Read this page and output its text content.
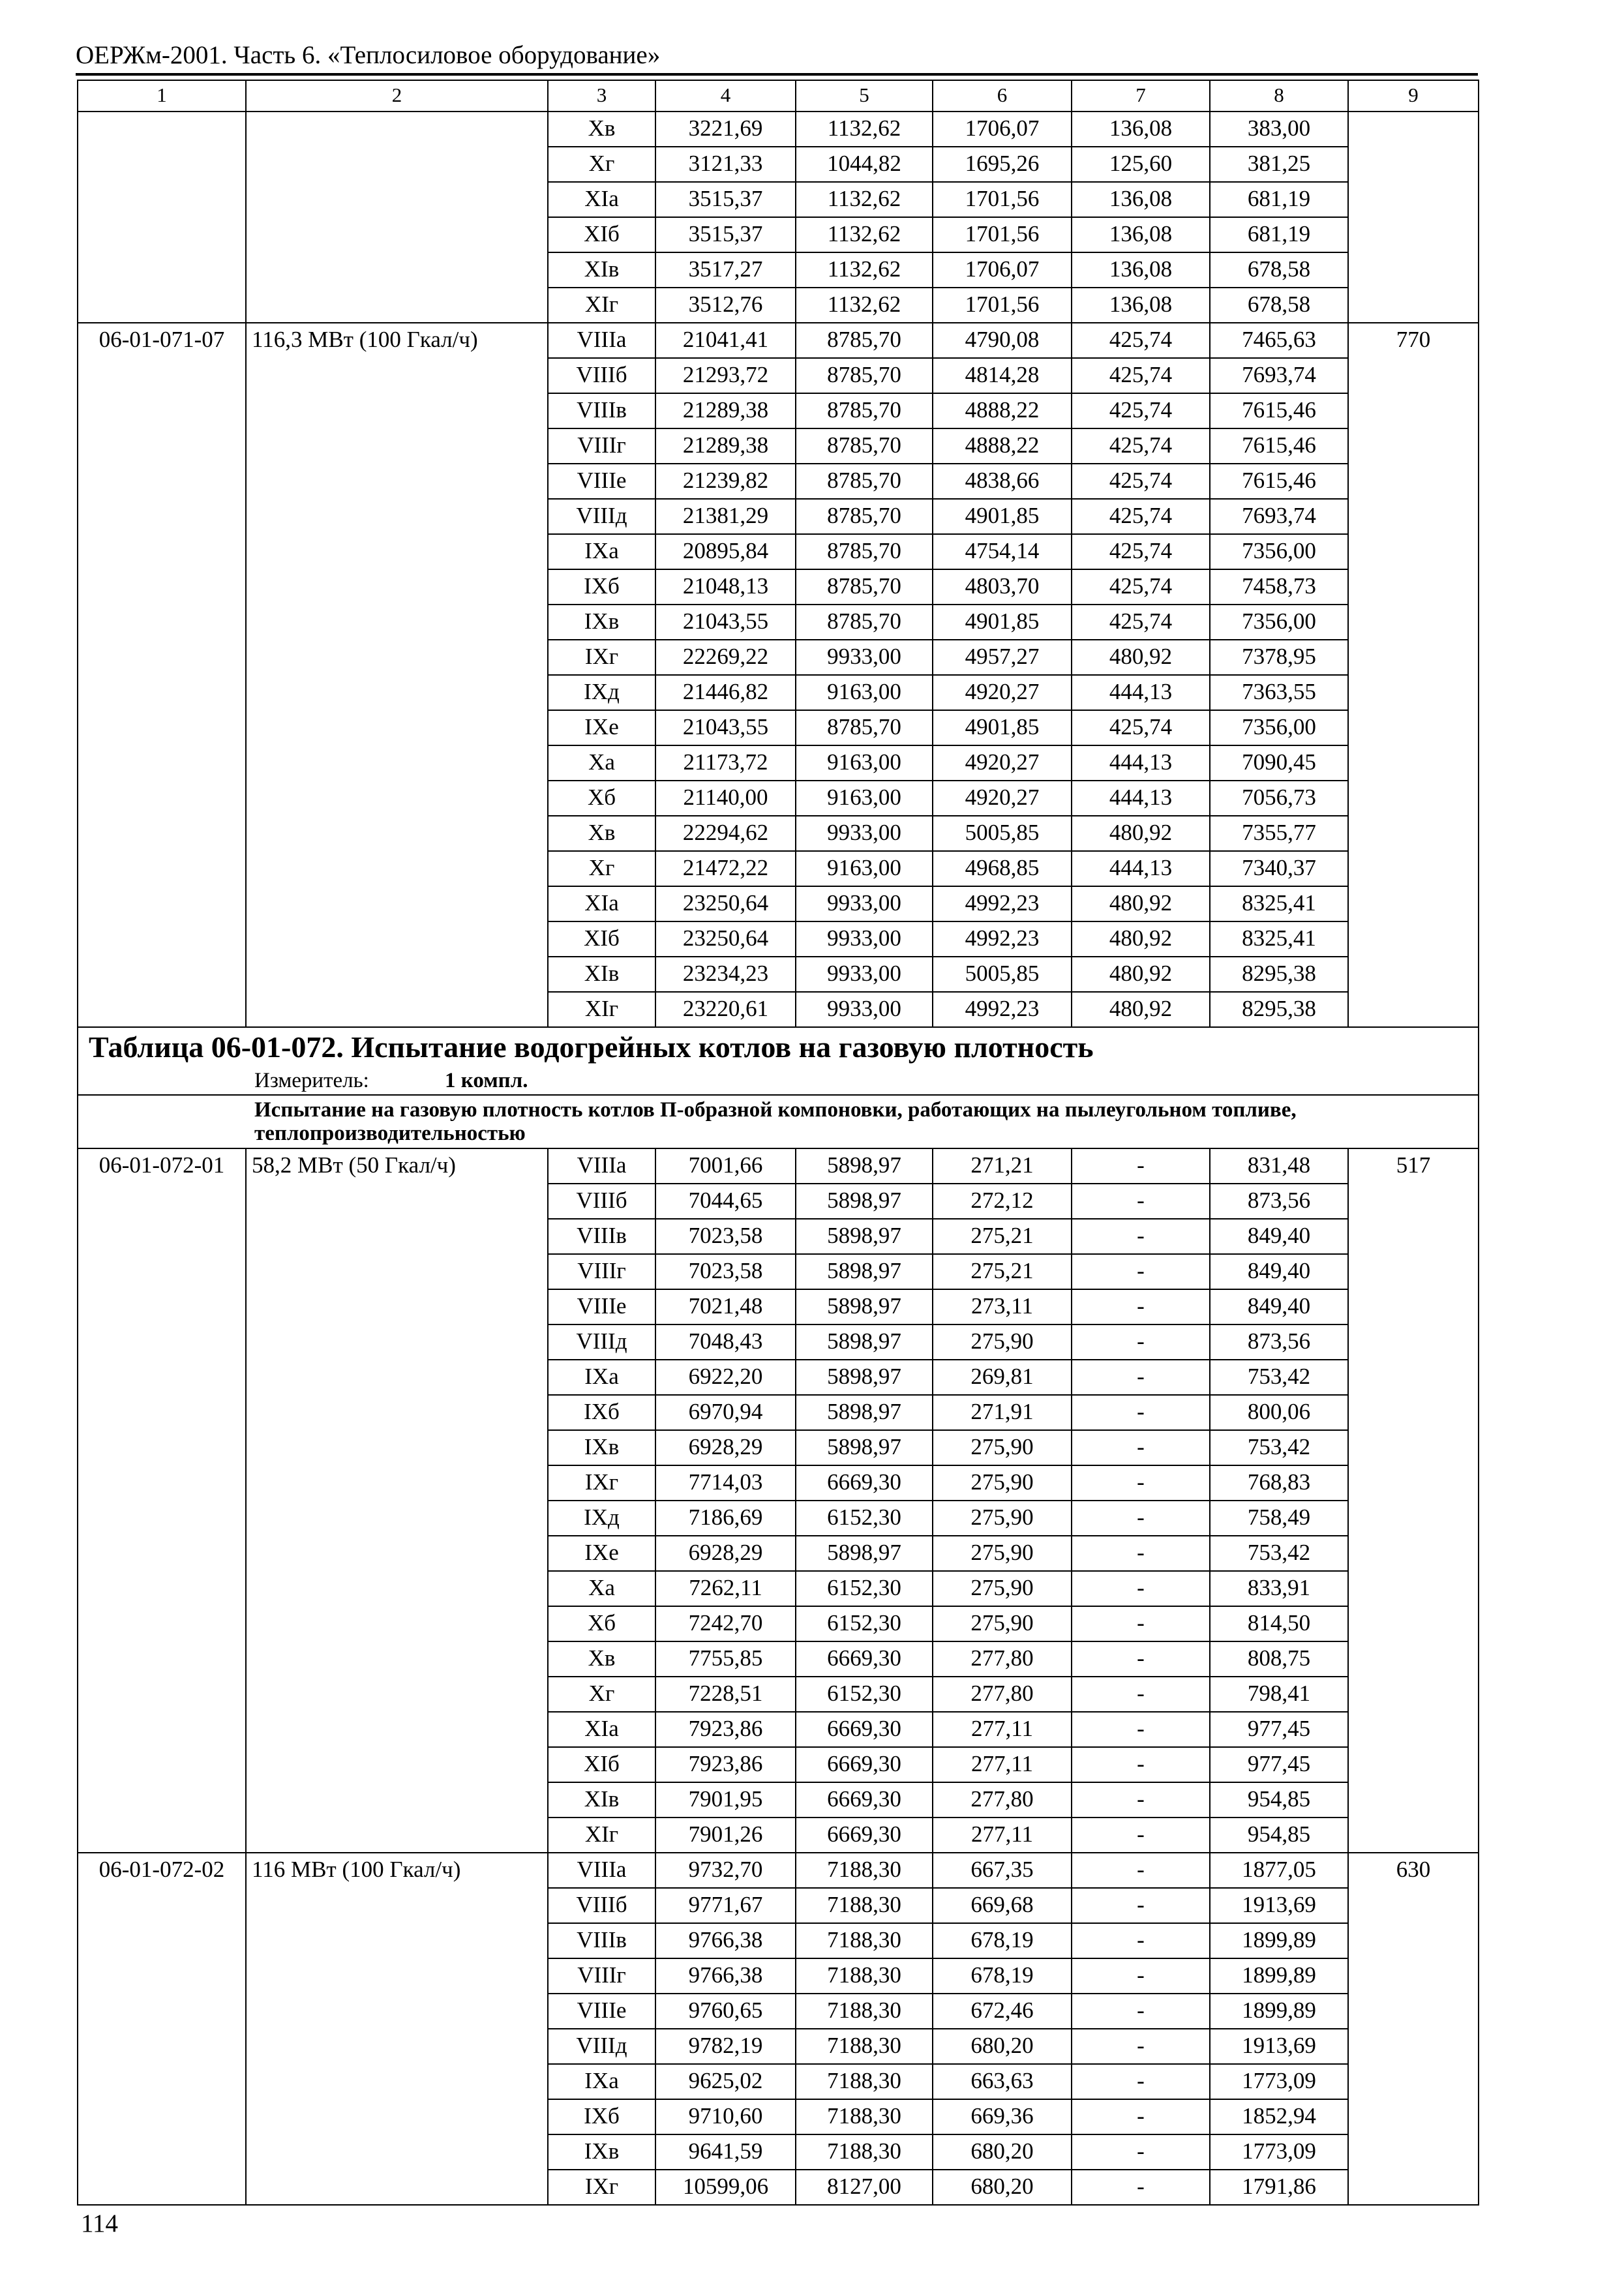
ОЕРЖм-2001. Часть 6. «Теплосиловое оборудование»
1	2	3	4	5	6	7	8	9
		Xв	3221,69	1132,62	1706,07	136,08	383,00	
		Xг	3121,33	1044,82	1695,26	125,60	381,25	
		XIа	3515,37	1132,62	1701,56	136,08	681,19	
		XIб	3515,37	1132,62	1701,56	136,08	681,19	
		XIв	3517,27	1132,62	1706,07	136,08	678,58	
		XIг	3512,76	1132,62	1701,56	136,08	678,58	
06-01-071-07	116,3 МВт (100 Гкал/ч)	VIIIа	21041,41	8785,70	4790,08	425,74	7465,63	770
		VIIIб	21293,72	8785,70	4814,28	425,74	7693,74	
		VIIIв	21289,38	8785,70	4888,22	425,74	7615,46	
		VIIIг	21289,38	8785,70	4888,22	425,74	7615,46	
		VIIIе	21239,82	8785,70	4838,66	425,74	7615,46	
		VIIIд	21381,29	8785,70	4901,85	425,74	7693,74	
		IXа	20895,84	8785,70	4754,14	425,74	7356,00	
		IXб	21048,13	8785,70	4803,70	425,74	7458,73	
		IXв	21043,55	8785,70	4901,85	425,74	7356,00	
		IXг	22269,22	9933,00	4957,27	480,92	7378,95	
		IXд	21446,82	9163,00	4920,27	444,13	7363,55	
		IXе	21043,55	8785,70	4901,85	425,74	7356,00	
		Xа	21173,72	9163,00	4920,27	444,13	7090,45	
		Xб	21140,00	9163,00	4920,27	444,13	7056,73	
		Xв	22294,62	9933,00	5005,85	480,92	7355,77	
		Xг	21472,22	9163,00	4968,85	444,13	7340,37	
		XIа	23250,64	9933,00	4992,23	480,92	8325,41	
		XIб	23250,64	9933,00	4992,23	480,92	8325,41	
		XIв	23234,23	9933,00	5005,85	480,92	8295,38	
		XIг	23220,61	9933,00	4992,23	480,92	8295,38	

Таблица 06-01-072. Испытание водогрейных котлов на газовую плотность
Измеритель: 1 компл.								

Испытание на газовую плотность котлов П-образной компоновки, работающих на пылеугольном топливе, теплопроизводительностью								

06-01-072-01	58,2 МВт (50 Гкал/ч)	VIIIа	7001,66	5898,97	271,21	-	831,48	517
		VIIIб	7044,65	5898,97	272,12	-	873,56	
		VIIIв	7023,58	5898,97	275,21	-	849,40	
		VIIIг	7023,58	5898,97	275,21	-	849,40	
		VIIIе	7021,48	5898,97	273,11	-	849,40	
		VIIIд	7048,43	5898,97	275,90	-	873,56	
		IXа	6922,20	5898,97	269,81	-	753,42	
		IXб	6970,94	5898,97	271,91	-	800,06	
		IXв	6928,29	5898,97	275,90	-	753,42	
		IXг	7714,03	6669,30	275,90	-	768,83	
		IXд	7186,69	6152,30	275,90	-	758,49	
		IXе	6928,29	5898,97	275,90	-	753,42	
		Xа	7262,11	6152,30	275,90	-	833,91	
		Xб	7242,70	6152,30	275,90	-	814,50	
		Xв	7755,85	6669,30	277,80	-	808,75	
		Xг	7228,51	6152,30	277,80	-	798,41	
		XIа	7923,86	6669,30	277,11	-	977,45	
		XIб	7923,86	6669,30	277,11	-	977,45	
		XIв	7901,95	6669,30	277,80	-	954,85	
		XIг	7901,26	6669,30	277,11	-	954,85	
06-01-072-02	116 МВт (100 Гкал/ч)	VIIIа	9732,70	7188,30	667,35	-	1877,05	630
		VIIIб	9771,67	7188,30	669,68	-	1913,69	
		VIIIв	9766,38	7188,30	678,19	-	1899,89	
		VIIIг	9766,38	7188,30	678,19	-	1899,89	
		VIIIе	9760,65	7188,30	672,46	-	1899,89	
		VIIIд	9782,19	7188,30	680,20	-	1913,69	
		IXа	9625,02	7188,30	663,63	-	1773,09	
		IXб	9710,60	7188,30	669,36	-	1852,94	
		IXв	9641,59	7188,30	680,20	-	1773,09	
		IXг	10599,06	8127,00	680,20	-	1791,86	
114
